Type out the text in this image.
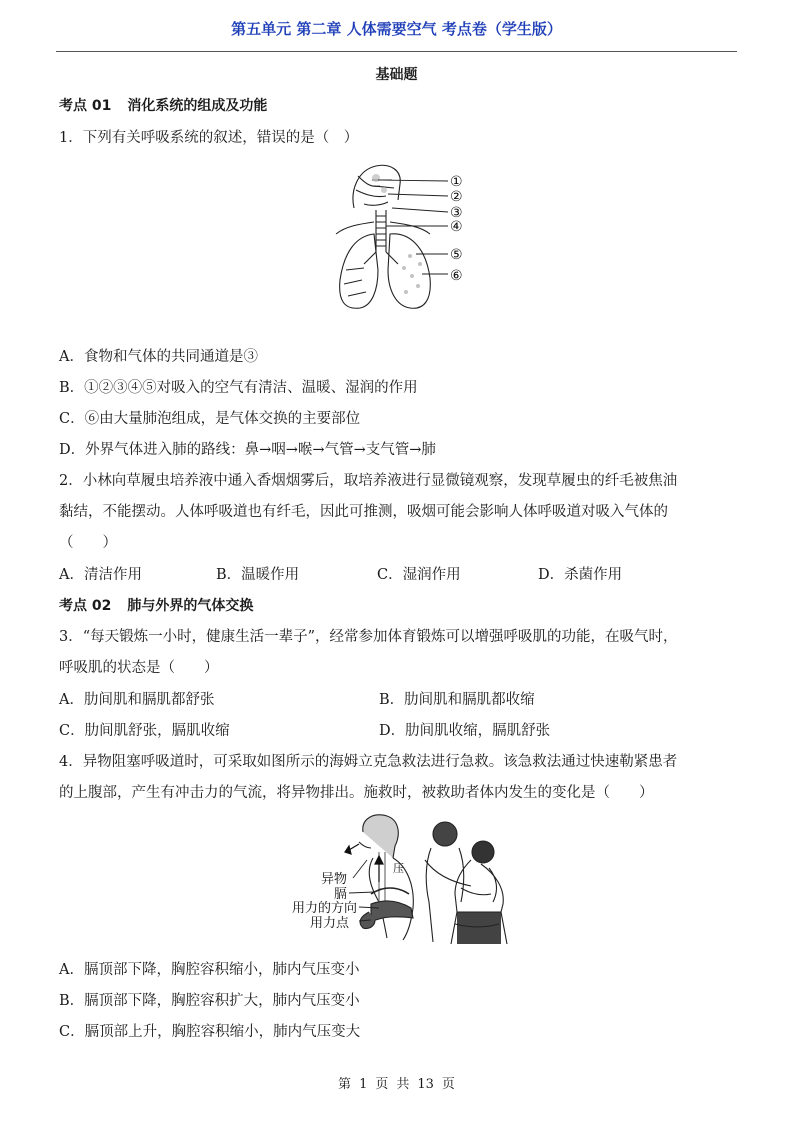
第五单元 第二章 人体需要空气 考点卷（学生版）
基础题
考点 01 消化系统的组成及功能
1．下列有关呼吸系统的叙述，错误的是（　）
①
②
③
④
⑤
⑥
A．食物和气体的共同通道是③
B．①②③④⑤对吸入的空气有清洁、温暖、湿润的作用
C．⑥由大量肺泡组成，是气体交换的主要部位
D．外界气体进入肺的路线：鼻→咽→喉→气管→支气管→肺
2．小林向草履虫培养液中通入香烟烟雾后，取培养液进行显微镜观察，发现草履虫的纤毛被焦油
黏结，不能摆动。人体呼吸道也有纤毛，因此可推测，吸烟可能会影响人体呼吸道对吸入气体的
（　　）
A．清洁作用	B．温暖作用	C．湿润作用	D．杀菌作用
考点 02 肺与外界的气体交换
3．“每天锻炼一小时，健康生活一辈子”，经常参加体育锻炼可以增强呼吸肌的功能，在吸气时，
呼吸肌的状态是（　　）
A．肋间肌和膈肌都舒张	B．肋间肌和膈肌都收缩
C．肋间肌舒张，膈肌收缩	D．肋间肌收缩，膈肌舒张
4．异物阻塞呼吸道时，可采取如图所示的海姆立克急救法进行急救。该急救法通过快速勒紧患者
的上腹部，产生有冲击力的气流，将异物排出。施救时，被救助者体内发生的变化是（　　）
异物
膈
用力的方向
用力点
压
A．膈顶部下降，胸腔容积缩小，肺内气压变小
B．膈顶部下降，胸腔容积扩大，肺内气压变小
C．膈顶部上升，胸腔容积缩小，肺内气压变大
第 1 页 共 13 页
